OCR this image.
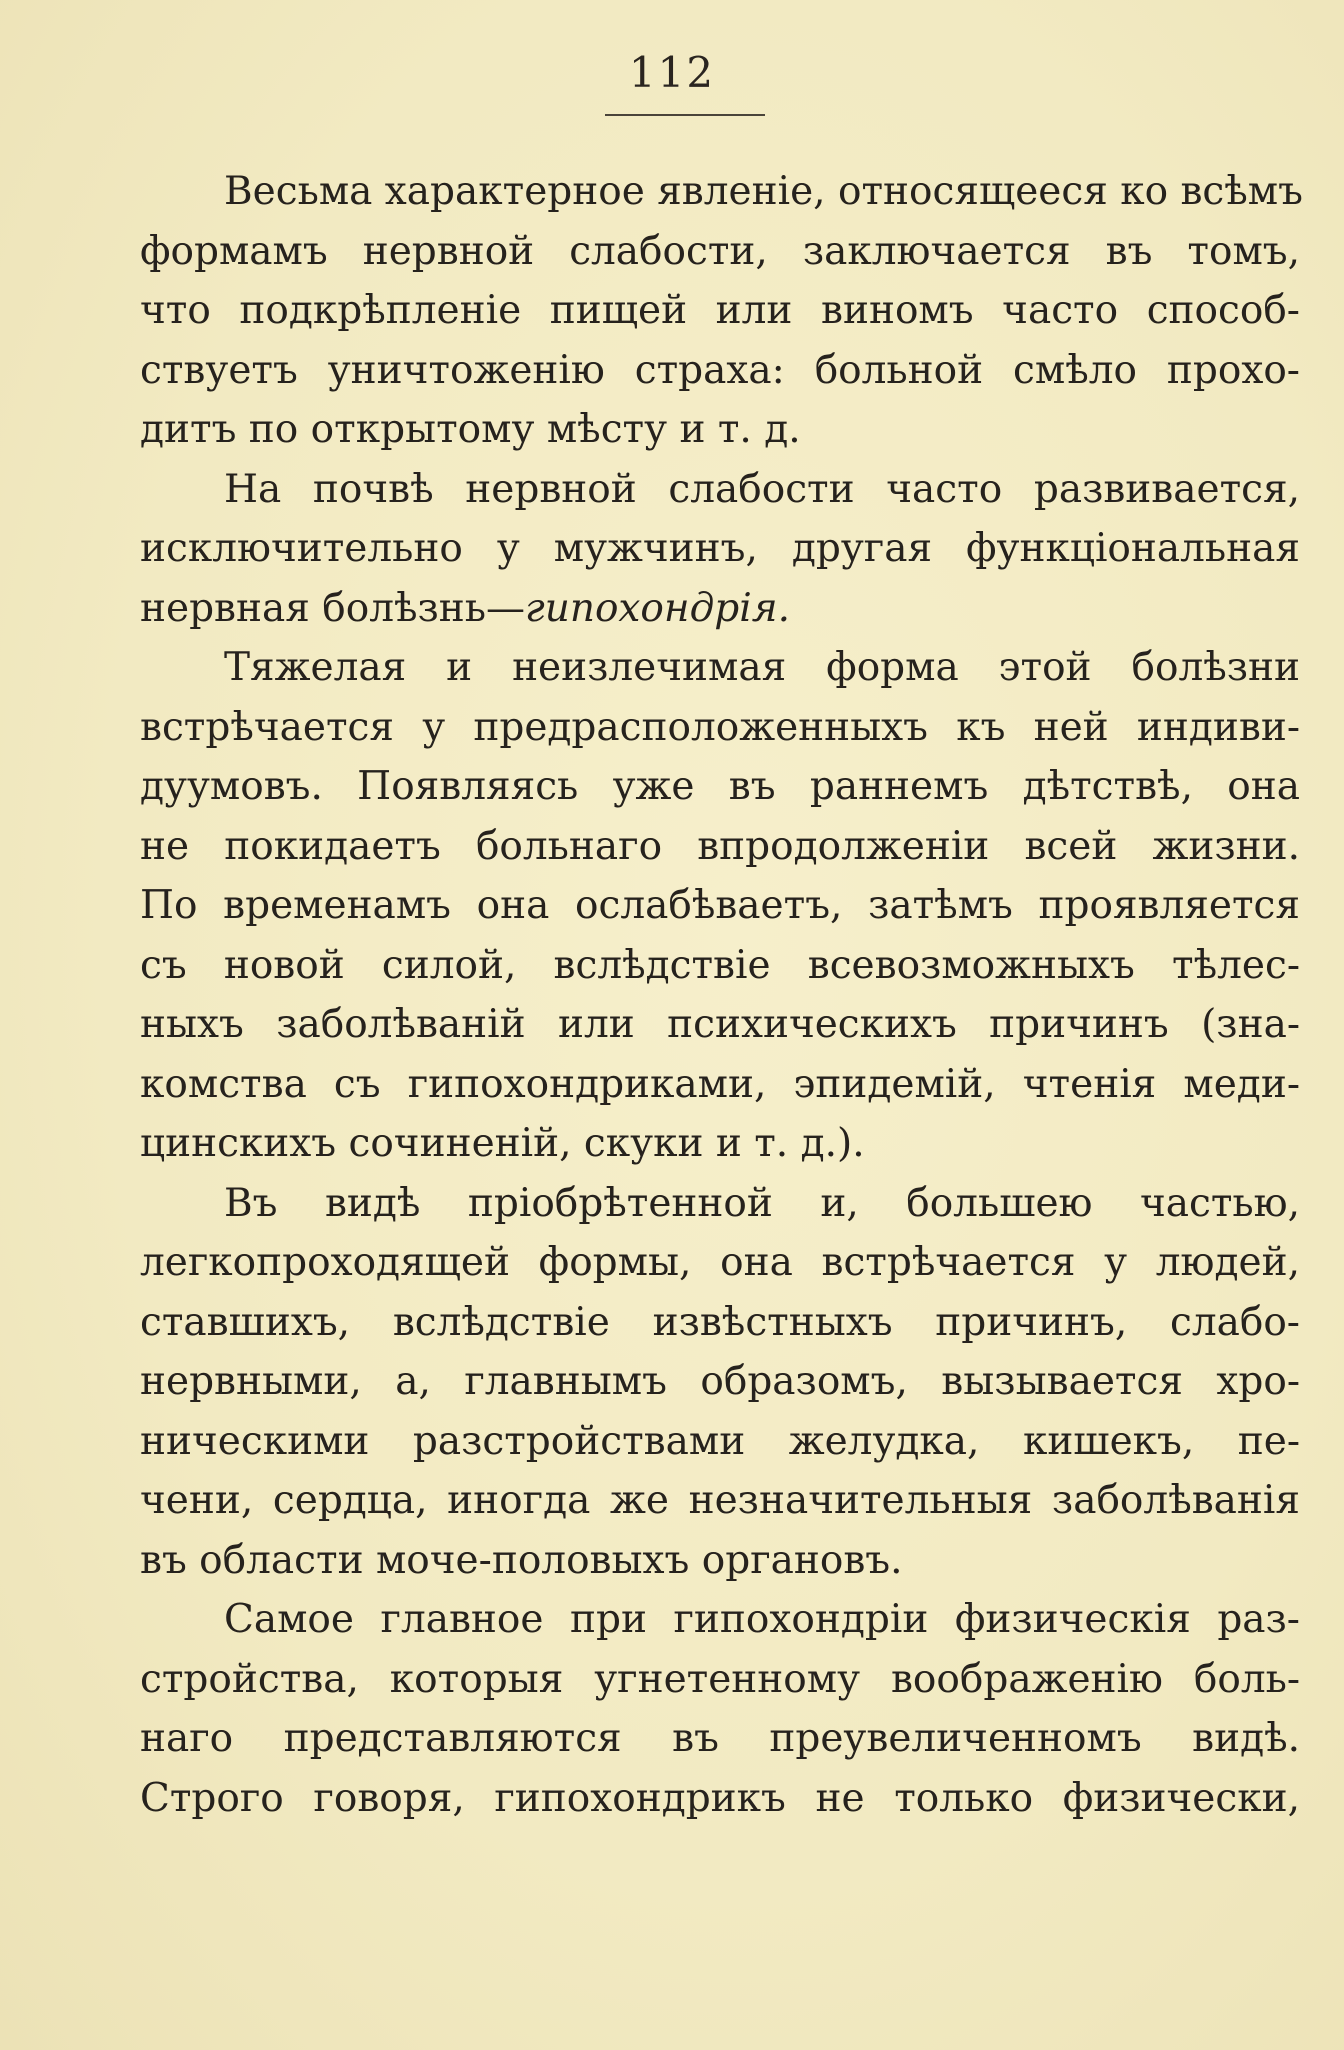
112
Весьма характерное явленіе, относящееся ко всѣмъ
формамъ нервной слабости, заключается въ томъ,
что подкрѣпленіе пищей или виномъ часто способ-
ствуетъ уничтоженію страха: больной смѣло прохо-
дитъ по открытому мѣсту и т. д.
На почвѣ нервной слабости часто развивается,
исключительно у мужчинъ, другая функціональная
нервная болѣзнь—гипохондрія.
Тяжелая и неизлечимая форма этой болѣзни
встрѣчается у предрасположенныхъ къ ней индиви-
дуумовъ. Появляясь уже въ раннемъ дѣтствѣ, она
не покидаетъ больнаго впродолженіи всей жизни.
По временамъ она ослабѣваетъ, затѣмъ проявляется
съ новой силой, вслѣдствіе всевозможныхъ тѣлес-
ныхъ заболѣваній или психическихъ причинъ (зна-
комства съ гипохондриками, эпидемій, чтенія меди-
цинскихъ сочиненій, скуки и т. д.).
Въ видѣ пріобрѣтенной и, большею частью,
легкопроходящей формы, она встрѣчается у людей,
ставшихъ, вслѣдствіе извѣстныхъ причинъ, слабо-
нервными, а, главнымъ образомъ, вызывается хро-
ническими разстройствами желудка, кишекъ, пе-
чени, сердца, иногда же незначительныя заболѣванія
въ области моче-половыхъ органовъ.
Самое главное при гипохондріи физическія раз-
стройства, которыя угнетенному воображенію боль-
наго представляются въ преувеличенномъ видѣ.
Строго говоря, гипохондрикъ не только физически,
